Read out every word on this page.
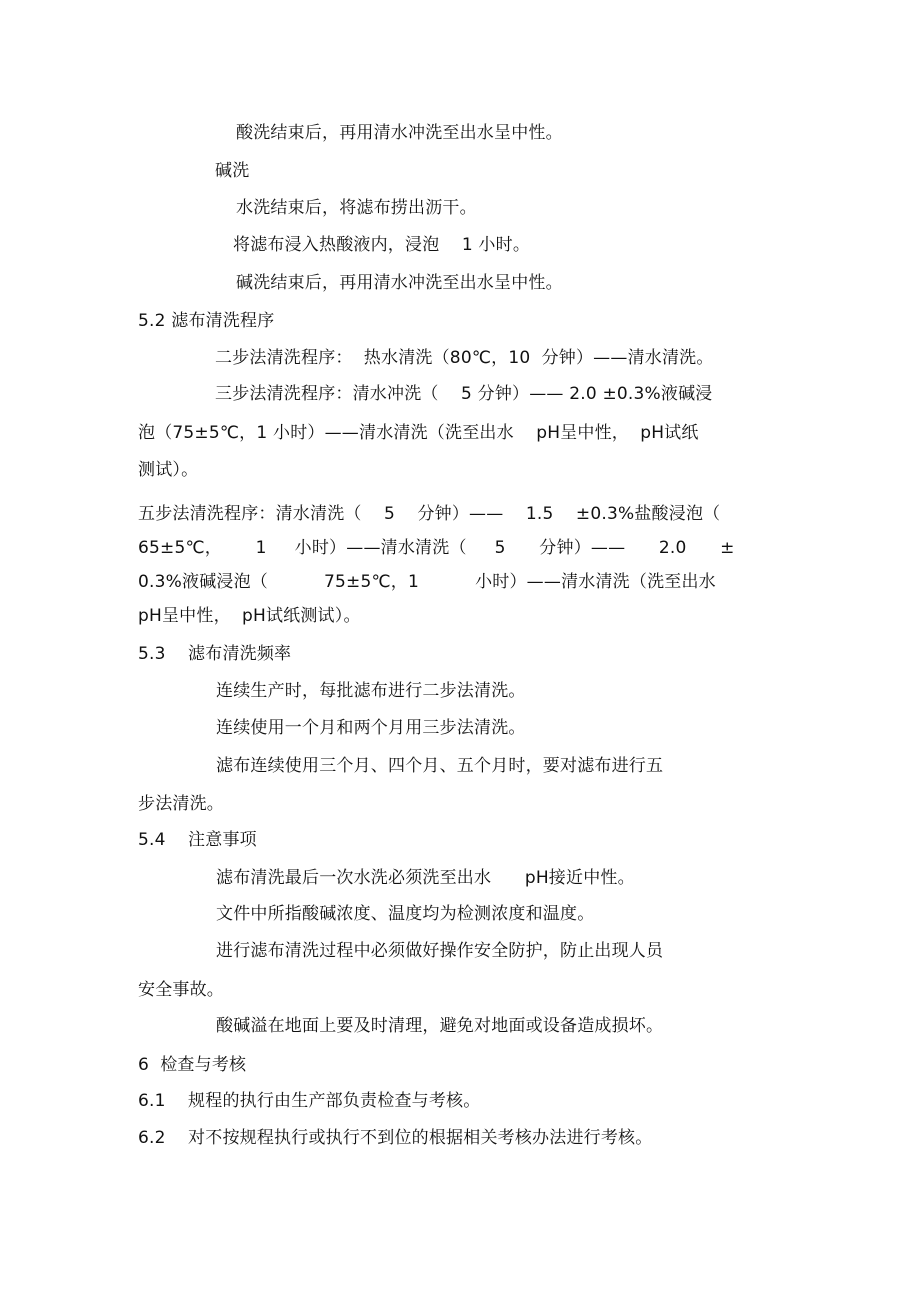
酸洗结束后，再用清水冲洗至出水呈中性。
碱洗
水洗结束后，将滤布捞出沥干。
将滤布浸入热酸液内，浸泡    1 小时。
碱洗结束后，再用清水冲洗至出水呈中性。
5.2 滤布清洗程序
二步法清洗程序：  热水清洗（80℃，10  分钟）——清水清洗。
三步法清洗程序：清水冲洗（    5 分钟）—— 2.0 ±0.3%液碱浸
泡（75±5℃，1 小时）——清水清洗（洗至出水    pH呈中性，  pH试纸
测试）。
五步法清洗程序：清水清洗（    5    分钟）——    1.5    ±0.3%盐酸浸泡（
65±5℃，      1     小时）——清水清洗（     5      分钟）——      2.0      ±
0.3%液碱浸泡（          75±5℃，1          小时）——清水清洗（洗至出水
pH呈中性，  pH试纸测试）。
5.3    滤布清洗频率
连续生产时，每批滤布进行二步法清洗。
连续使用一个月和两个月用三步法清洗。
滤布连续使用三个月、四个月、五个月时，要对滤布进行五
步法清洗。
5.4    注意事项
滤布清洗最后一次水洗必须洗至出水      pH接近中性。
文件中所指酸碱浓度、温度均为检测浓度和温度。
进行滤布清洗过程中必须做好操作安全防护，防止出现人员
安全事故。
酸碱溢在地面上要及时清理，避免对地面或设备造成损坏。
6  检查与考核
6.1    规程的执行由生产部负责检查与考核。
6.2    对不按规程执行或执行不到位的根据相关考核办法进行考核。
